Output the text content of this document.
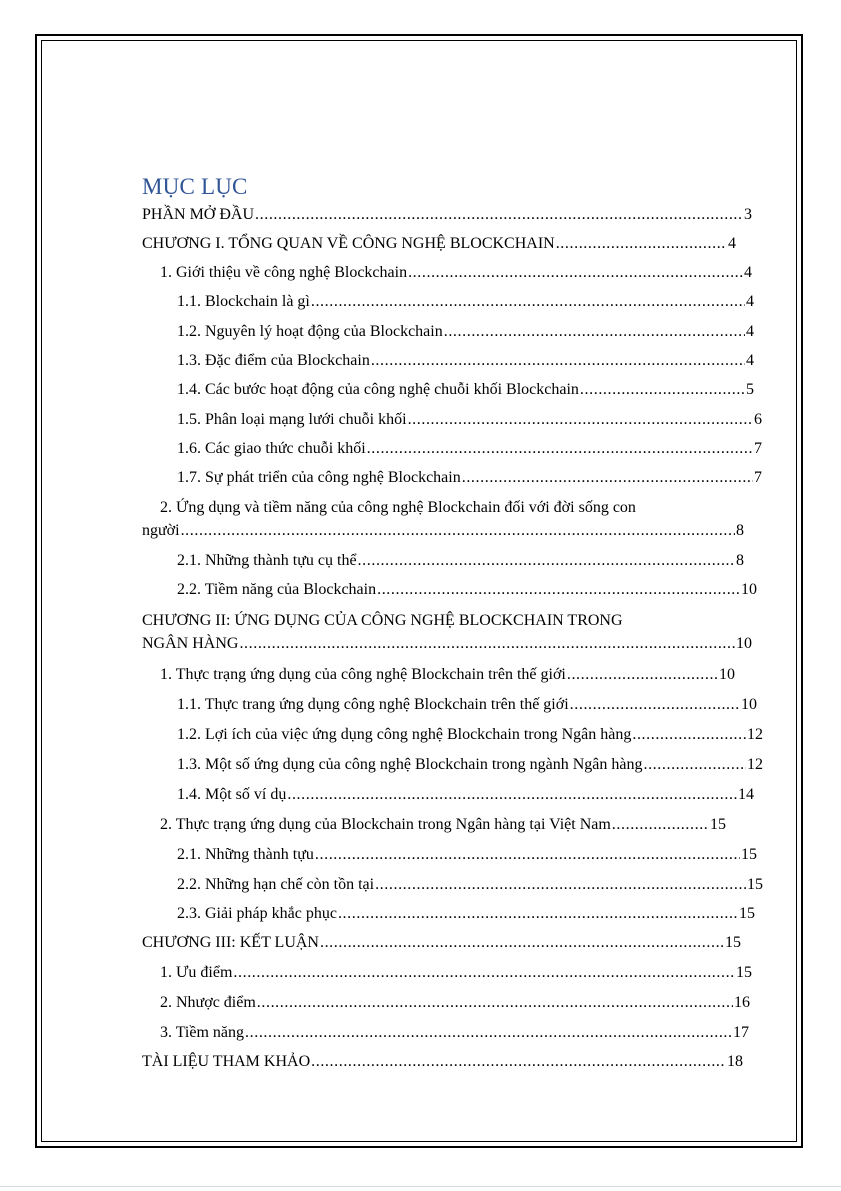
MỤC LỤC
PHẦN MỞ ĐẦU .....	3
CHƯƠNG I. TỔNG QUAN VỀ CÔNG NGHỆ BLOCKCHAIN .....	4
1. Giới thiệu về công nghệ Blockchain .....	4
1.1. Blockchain là gì .....	4
1.2. Nguyên lý hoạt động của Blockchain .....	4
1.3. Đặc điểm của Blockchain .....	4
1.4. Các bước hoạt động của công nghệ chuỗi khối Blockchain .....	5
1.5. Phân loại mạng lưới chuỗi khối .....	6
1.6. Các giao thức chuỗi khối .....	7
1.7. Sự phát triển của công nghệ Blockchain .....	7
2. Ứng dụng và tiềm năng của công nghệ Blockchain đối với đời sống con
người .....	8
2.1. Những thành tựu cụ thể .....	8
2.2. Tiềm năng của Blockchain .....	10
CHƯƠNG II: ỨNG DỤNG CỦA CÔNG NGHỆ BLOCKCHAIN TRONG
NGÂN HÀNG .....	10
1. Thực trạng ứng dụng của công nghệ Blockchain trên thế giới .....	10
1.1. Thực trang ứng dụng công nghệ Blockchain trên thế giới .....	10
1.2. Lợi ích của việc ứng dụng công nghệ Blockchain trong Ngân hàng .....	12
1.3. Một số ứng dụng của công nghệ Blockchain trong ngành Ngân hàng .....	12
1.4. Một số ví dụ .....	14
2. Thực trạng ứng dụng của Blockchain trong Ngân hàng tại Việt Nam .....	15
2.1. Những thành tựu .....	15
2.2. Những hạn chế còn tồn tại .....	15
2.3. Giải pháp khắc phục .....	15
CHƯƠNG III: KẾT LUẬN .....	15
1. Ưu điểm .....	15
2. Nhược điểm .....	16
3. Tiềm năng .....	17
TÀI LIỆU THAM KHẢO .....	18
